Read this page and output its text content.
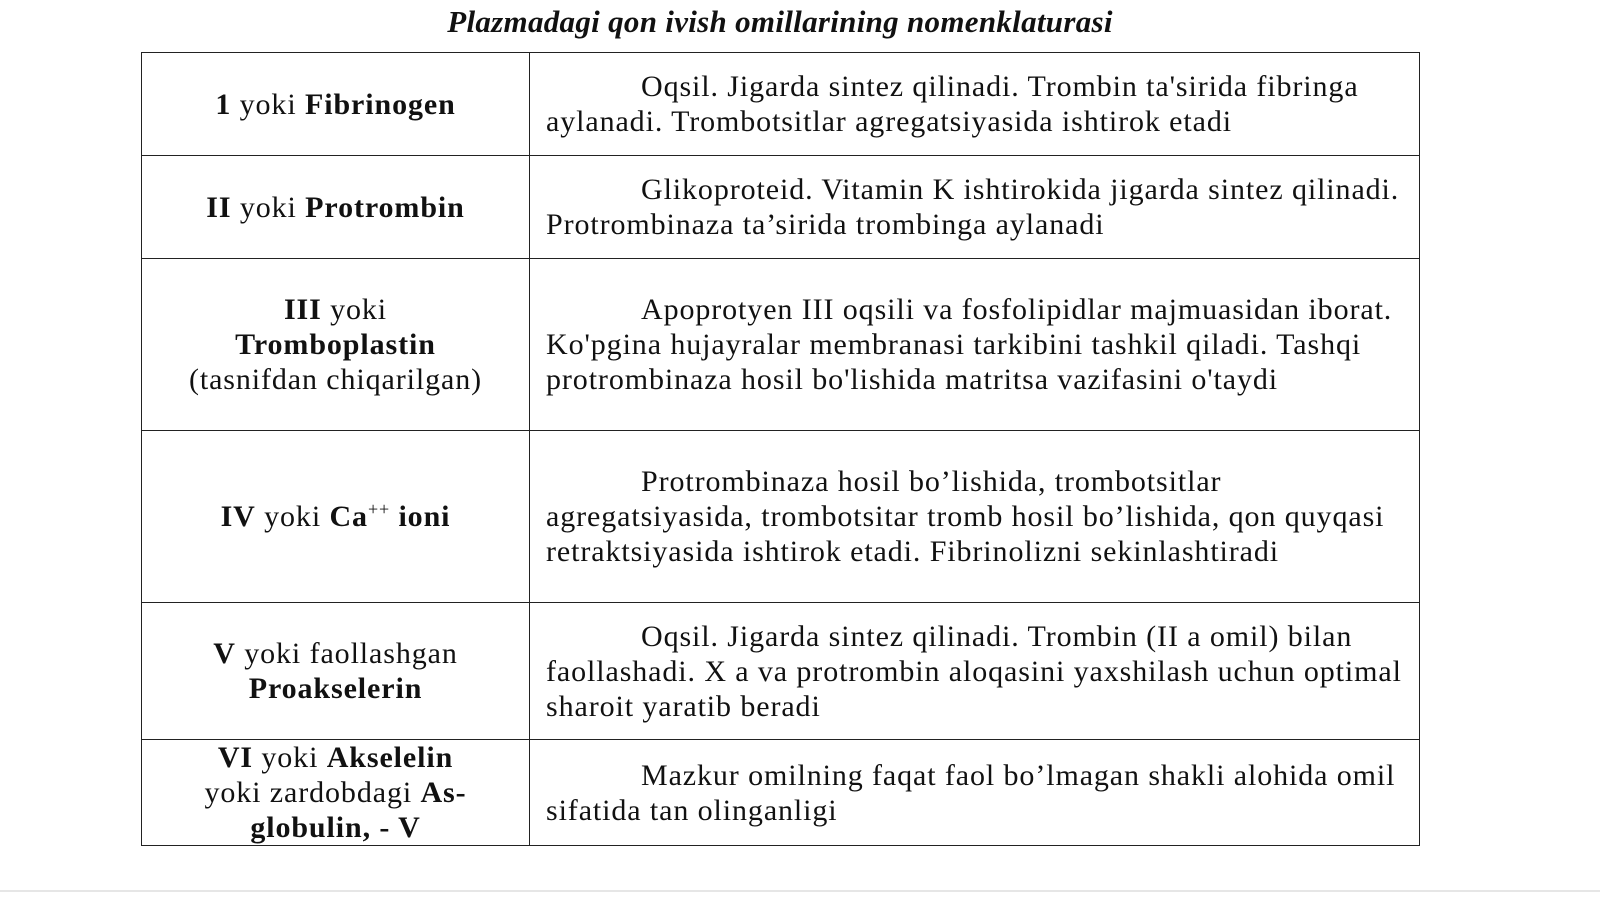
Plazmadagi qon ivish omillarining nomenklaturasi
1 yoki Fibrinogen	Oqsil. Jigarda sintez qilinadi. Trombin ta'sirida fibringa aylanadi. Trombotsitlar agregatsiyasida ishtirok etadi

II yoki Protrombin	Glikoproteid. Vitamin K ishtirokida jigarda sintez qilinadi. Protrombinaza ta’sirida trombinga aylanadi

III yoki
Tromboplastin
(tasnifdan chiqarilgan)	Apoprotyen III oqsili va fosfolipidlar majmuasidan iborat. Ko'pgina hujayralar membranasi tarkibini tashkil qiladi. Tashqi protrombinaza hosil bo'lishida matritsa vazifasini o'taydi

IV yoki Ca++ ioni	Protrombinaza hosil bo’lishida, trombotsitlar agregatsiyasida, trombotsitar tromb hosil bo’lishida, qon quyqasi retraktsiyasida ishtirok etadi. Fibrinolizni sekinlashtiradi

V yoki faollashgan
Proakselerin	Oqsil. Jigarda sintez qilinadi. Trombin (II a omil) bilan faollashadi. X a va protrombin aloqasini yaxshilash uchun optimal sharoit yaratib beradi

VI yoki Akselelin
yoki zardobdagi As-globulin, - V	Mazkur omilning faqat faol bo’lmagan shakli alohida omil sifatida tan olinganligi
